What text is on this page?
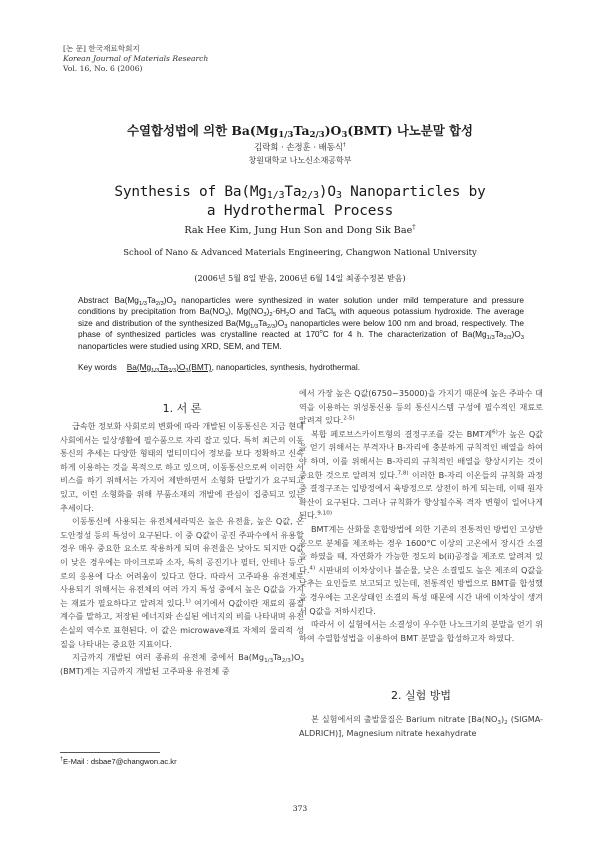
[논 문] 한국재료학회지
Korean Journal of Materials Research
Vol. 16, No. 6 (2006)
수열합성법에 의한 $Ba(Mg_{1/3}Ta_{2/3})O_3(BMT)$ 나노분말 합성
김락희 · 손정훈 · 배동식†
창원대학교 나노신소재공학부
Synthesis of $Ba(Mg_{1/3}Ta_{2/3})O_3$ Nanoparticles by
a Hydrothermal Process
Rak Hee Kim, Jung Hun Son and Dong Sik Bae†
School of Nano & Advanced Materials Engineering, Changwon National University
(2006년 5월 8일 받음, 2006년 6월 14일 최종수정본 받음)
Abstract $Ba(Mg_{1/3}Ta_{2/3})O_3$ nanoparticles were synthesized in water solution under mild temperature and pressure conditions by precipitation from $Ba(NO_3)$, $Mg(NO_3)_2\cdot 6H_2O$ and TaCl$_5$ with aqueous potassium hydroxide. The average size and distribution of the synthesized $Ba(Mg_{1/3}Ta_{2/3})O_3$ nanoparticles were below 100 nm and broad, respectively. The phase of synthesized particles was crystalline reacted at 170$^o$C for 4 h. The characterization of $Ba(Mg_{1/3}Ta_{2/3})O_3$ nanoparticles were studied using XRD, SEM, and TEM.
Key words $Ba(Mg_{1/3}Ta_{2/3})O_3(BMT)$, nanoparticles, synthesis, hydrothermal.
1. 서 론

급속한 정보화 사회로의 변화에 따라 개발된 이동통신은 지금 현대 사회에서는 일상생활에 필수품으로 자리 잡고 있다. 특히 최근의 이동통신의 추세는 다양한 형태의 멀티미디어 정보를 보다 정확하고 신속하게 이용하는 것을 목적으로 하고 있으며, 이동통신으로써 이러한 서비스를 하기 위해서는 가지어 제반하면서 소형화 단말기가 요구되고 있고, 이런 소형화를 위해 부품소재의 개발에 관심이 집중되고 있는 추세이다.

이동통신에 사용되는 유전체세라믹은 높은 유전율, 높은 Q값, 온도안정성 등의 특성이 요구된다. 이 중 Q값이 공진 주파수에서 유용할 경우 매우 중요한 요소로 작용하게 되며 유전율은 낮아도 되지만 Q값이 낮은 경우에는 마이크로파 소자, 특히 공진기나 필터, 안테나 등으로의 응용에 다소 어려움이 있다고 한다. 따라서 고주파용 유전체로 사용되기 위해서는 유전체의 여러 가지 특성 중에서 높은 Q값을 가지는 재료가 필요하다고 알려져 있다.$^{1)}$ 여기에서 Q값이란 재료의 품질계수를 말하고, 저장된 에너지와 손실된 에너지의 비를 나타내며 유전손실의 역수로 표현된다. 이 값은 microwave재료 자체의 물리적 성질을 나타내는 중요한 지표이다.

지금까지 개발된 여러 종류의 유전체 중에서 $Ba(Mg_{1/3}Ta_{2/3})O_3$ (BMT)계는 지금까지 개발된 고주파용 유전체 중

에서 가장 높은 Q값(6750~35000)을 가지기 때문에 높은 주파수 대역을 이용하는 위성통신용 등의 통신시스템 구성에 필수적인 재료로 알려져 있다.$^{2-5)}$

복합 페로브스카이트형의 결정구조를 갖는 BMT계$^{6)}$가 높은 Q값을 얻기 위해서는 부격자나 B-자리에 충분하게 규칙적인 배열을 하여야 하며, 이를 위해서는 B-자리의 규칙적인 배열을 향상시키는 것이 중요한 것으로 알려져 있다.$^{7,8)}$ 이러한 B-자리 이온들의 규칙화 과정 중 결정구조는 입방정에서 육방정으로 상전이 하게 되는데, 이때 원자 확산이 요구된다. 그러나 규칙화가 향상될수록 격자 변형이 일어나게 된다.$^{9,10)}$

BMT계는 산화물 혼합방법에 의한 기존의 전통적인 방법인 고상반응으로 분체를 제조하는 경우 1600°C 이상의 고온에서 장시간 소결을 하였을 때, 자연화가 가능한 정도의 b(ii)공정을 제조로 알려져 있다.$^{4)}$ 시판내의 이차상이나 불순물, 낮은 소결밀도 높은 제조의 Q값을 낮추는 요인들로 보고되고 있는데, 전통적인 방법으로 BMT를 합성했을 경우에는 고온상태인 소결의 특성 때문에 시간 내에 이차상이 생겨서 Q값을 저하시킨다.

따라서 이 실험에서는 소결성이 우수한 나노크기의 분말을 얻기 위하여 수열합성법을 이용하여 BMT 분말을 합성하고자 하였다.

2. 실험 방법

본 실험에서의 출발물질은 Barium nitrate [$Ba(NO_3)_2$ (SIGMA-ALDRICH)], Magnesium nitrate hexahydrate

†E-Mail : dsbae7@changwon.ac.kr
373
